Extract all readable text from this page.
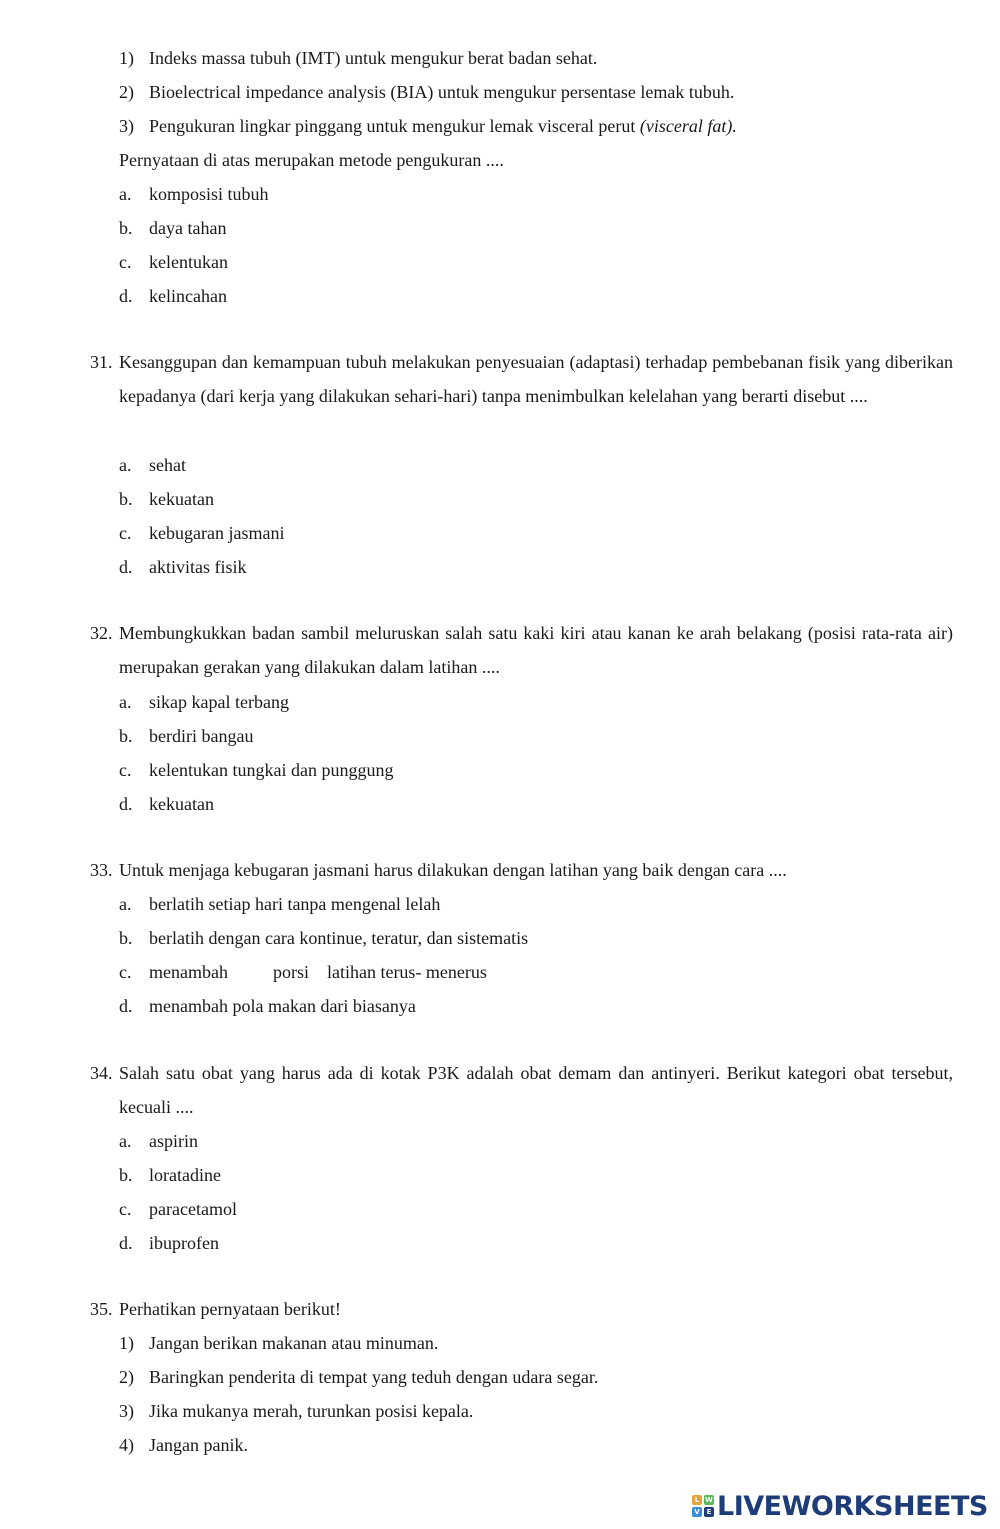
1) Indeks massa tubuh (IMT) untuk mengukur berat badan sehat.
2) Bioelectrical impedance analysis (BIA) untuk mengukur persentase lemak tubuh.
3) Pengukuran lingkar pinggang untuk mengukur lemak visceral perut (visceral fat).
Pernyataan di atas merupakan metode pengukuran ....
a. komposisi tubuh
b. daya tahan
c. kelentukan
d. kelincahan
31. Kesanggupan dan kemampuan tubuh melakukan penyesuaian (adaptasi) terhadap pembebanan fisik yang diberikan kepadanya (dari kerja yang dilakukan sehari-hari) tanpa menimbulkan kelelahan yang berarti disebut ....
a. sehat
b. kekuatan
c. kebugaran jasmani
d. aktivitas fisik
32. Membungkukkan badan sambil meluruskan salah satu kaki kiri atau kanan ke arah belakang (posisi rata-rata air) merupakan gerakan yang dilakukan dalam latihan ....
a. sikap kapal terbang
b. berdiri bangau
c. kelentukan tungkai dan punggung
d. kekuatan
33. Untuk menjaga kebugaran jasmani harus dilakukan dengan latihan yang baik dengan cara ....
a. berlatih setiap hari tanpa mengenal lelah
b. berlatih dengan cara kontinue, teratur, dan sistematis
c. menambah          porsi    latihan terus- menerus
d. menambah pola makan dari biasanya
34. Salah satu obat yang harus ada di kotak P3K adalah obat demam dan antinyeri. Berikut kategori obat tersebut, kecuali ....
a. aspirin
b. loratadine
c. paracetamol
d. ibuprofen
35. Perhatikan pernyataan berikut!
1) Jangan berikan makanan atau minuman.
2) Baringkan penderita di tempat yang teduh dengan udara segar.
3) Jika mukanya merah, turunkan posisi kepala.
4) Jangan panik.
L W
V E LIVEWORKSHEETS
